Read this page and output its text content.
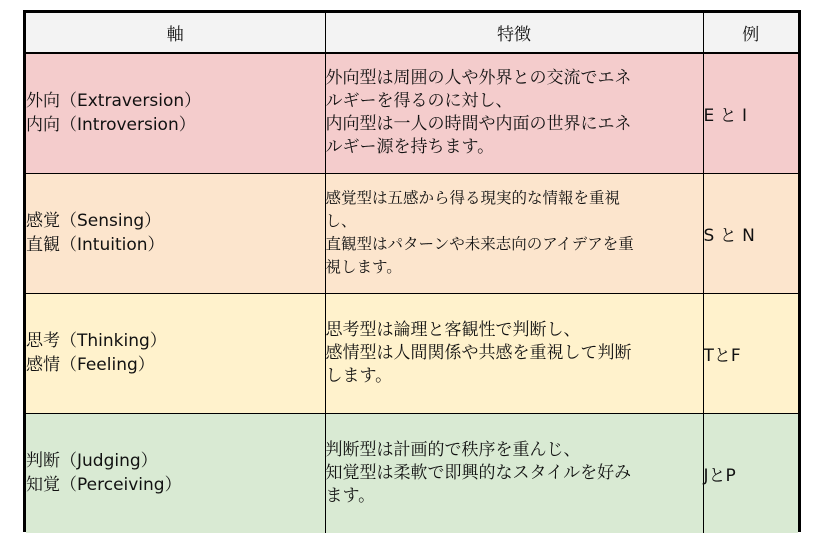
軸	特徴	例

外向（Extraversion）
内向（Introversion）	外向型は周囲の人や外界との交流でエネ
ルギーを得るのに対し、
内向型は一人の時間や内面の世界にエネ
ルギー源を持ちます。	E と I

感覚（Sensing）
直観（Intuition）	感覚型は五感から得る現実的な情報を重視
し、
直観型はパターンや未来志向のアイデアを重
視します。	S と N

思考（Thinking）
感情（Feeling）	思考型は論理と客観性で判断し、
感情型は人間関係や共感を重視して判断
します。	TとF

判断（Judging）
知覚（Perceiving）	判断型は計画的で秩序を重んじ、
知覚型は柔軟で即興的なスタイルを好み
ます。	JとP
